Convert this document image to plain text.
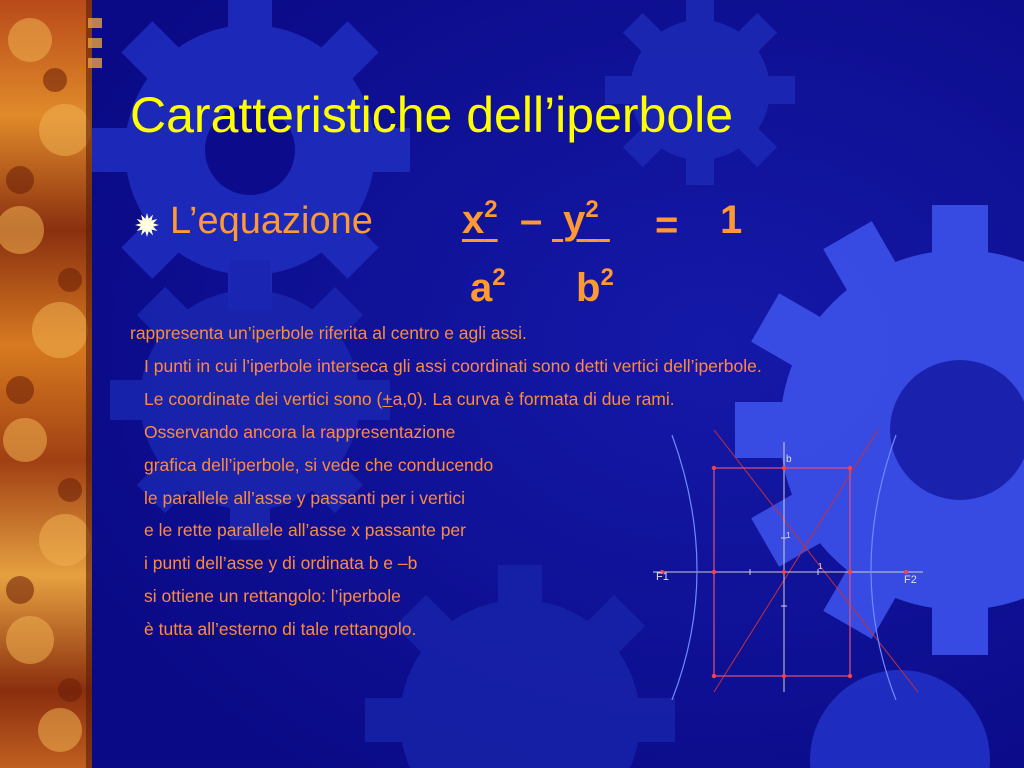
Caratteristiche dell’iperbole
L’equazione $x^2 - y^2 = 1$
$a^2$ $b^2$
rappresenta un’iperbole riferita al centro e agli assi.
I punti in cui l’iperbole interseca gli assi coordinati sono detti vertici dell’iperbole.
Le coordinate dei vertici sono (+a,0). La curva è formata di due rami.
Osservando ancora la rappresentazione
grafica dell’iperbole, si vede che conducendo
le parallele all’asse y passanti per i vertici
e le rette parallele all’asse x passante per
i punti dell’asse y di ordinata b e –b
si ottiene un rettangolo: l’iperbole
è tutta all’esterno di tale rettangolo.
b
F1	F2
1
1
